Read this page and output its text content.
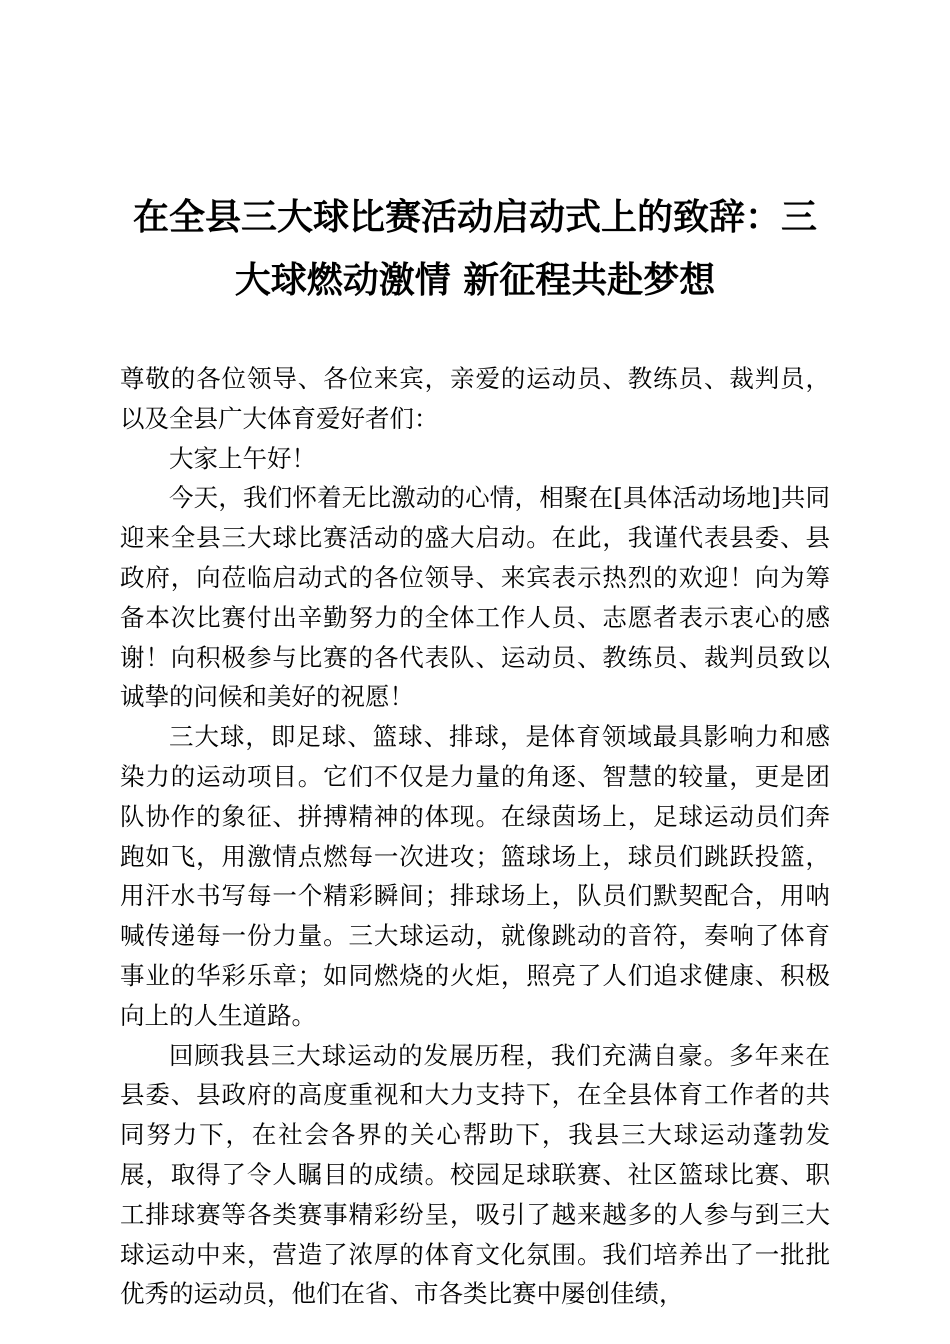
在全县三大球比赛活动启动式上的致辞：三大球燃动激情 新征程共赴梦想

尊敬的各位领导、各位来宾，亲爱的运动员、教练员、裁判员，以及全县广大体育爱好者们：

大家上午好！

今天，我们怀着无比激动的心情，相聚在[具体活动场地]共同迎来全县三大球比赛活动的盛大启动。在此，我谨代表县委、县政府，向莅临启动式的各位领导、来宾表示热烈的欢迎！向为筹备本次比赛付出辛勤努力的全体工作人员、志愿者表示衷心的感谢！向积极参与比赛的各代表队、运动员、教练员、裁判员致以诚挚的问候和美好的祝愿！

三大球，即足球、篮球、排球，是体育领域最具影响力和感染力的运动项目。它们不仅是力量的角逐、智慧的较量，更是团队协作的象征、拼搏精神的体现。在绿茵场上，足球运动员们奔跑如飞，用激情点燃每一次进攻；篮球场上，球员们跳跃投篮，用汗水书写每一个精彩瞬间；排球场上，队员们默契配合，用呐喊传递每一份力量。三大球运动，就像跳动的音符，奏响了体育事业的华彩乐章；如同燃烧的火炬，照亮了人们追求健康、积极向上的人生道路。

回顾我县三大球运动的发展历程，我们充满自豪。多年来在县委、县政府的高度重视和大力支持下，在全县体育工作者的共同努力下，在社会各界的关心帮助下，我县三大球运动蓬勃发展，取得了令人瞩目的成绩。校园足球联赛、社区篮球比赛、职工排球赛等各类赛事精彩纷呈，吸引了越来越多的人参与到三大球运动中来，营造了浓厚的体育文化氛围。我们培养出了一批批优秀的运动员，他们在省、市各类比赛中屡创佳绩，
